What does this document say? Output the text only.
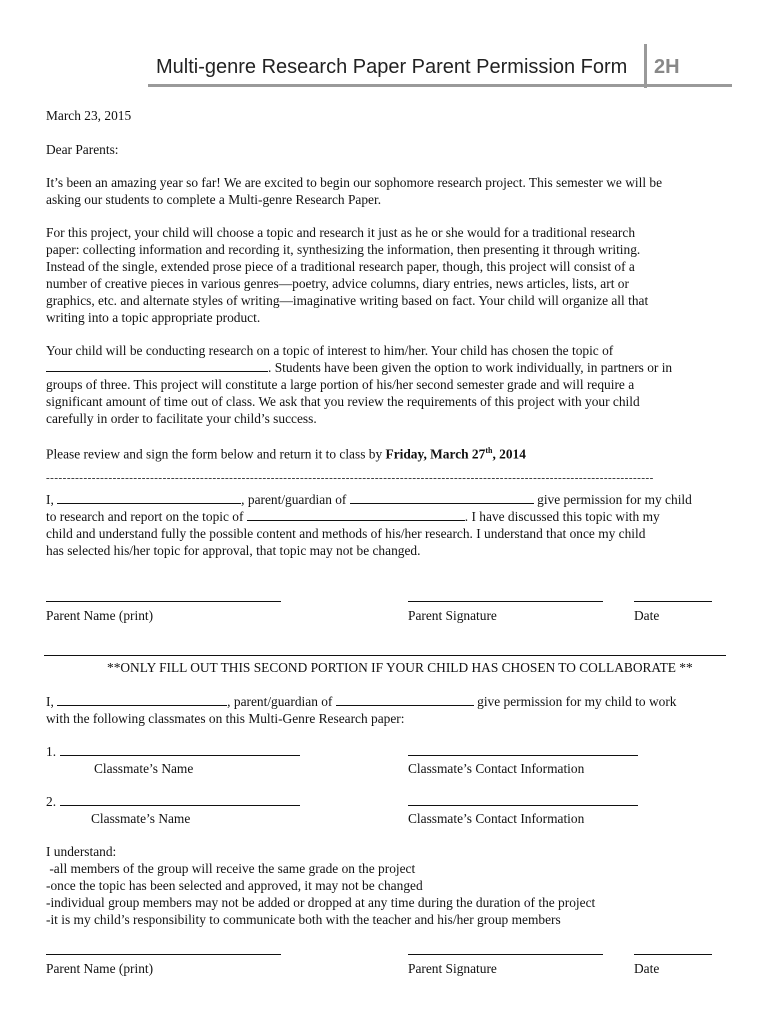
Multi-genre Research Paper Parent Permission Form 2H
March 23, 2015
Dear Parents:
It’s been an amazing year so far! We are excited to begin our sophomore research project. This semester we will be
asking our students to complete a Multi-genre Research Paper.
For this project, your child will choose a topic and research it just as he or she would for a traditional research
paper: collecting information and recording it, synthesizing the information, then presenting it through writing.
Instead of the single, extended prose piece of a traditional research paper, though, this project will consist of a
number of creative pieces in various genres—poetry, advice columns, diary entries, news articles, lists, art or
graphics, etc. and alternate styles of writing—imaginative writing based on fact. Your child will organize all that
writing into a topic appropriate product.
Your child will be conducting research on a topic of interest to him/her. Your child has chosen the topic of
. Students have been given the option to work individually, in partners or in
groups of three. This project will constitute a large portion of his/her second semester grade and will require a
significant amount of time out of class. We ask that you review the requirements of this project with your child
carefully in order to facilitate your child’s success.
Please review and sign the form below and return it to class by Friday, March 27th, 2014
--------------------------------------------------------------------------------------------------------------------------------------------------
I,	, parent/guardian of	give permission for my child
to research and report on the topic of	. I have discussed this topic with my
child and understand fully the possible content and methods of his/her research. I understand that once my child
has selected his/her topic for approval, that topic may not be changed.
Parent Name (print)	Parent Signature	Date
**ONLY FILL OUT THIS SECOND PORTION IF YOUR CHILD HAS CHOSEN TO COLLABORATE **
I,	, parent/guardian of	give permission for my child to work
with the following classmates on this Multi-Genre Research paper:
1.
Classmate’s Name	Classmate’s Contact Information
2.
Classmate’s Name	Classmate’s Contact Information
I understand:
-all members of the group will receive the same grade on the project
-once the topic has been selected and approved, it may not be changed
-individual group members may not be added or dropped at any time during the duration of the project
-it is my child’s responsibility to communicate both with the teacher and his/her group members
Parent Name (print)	Parent Signature	Date
